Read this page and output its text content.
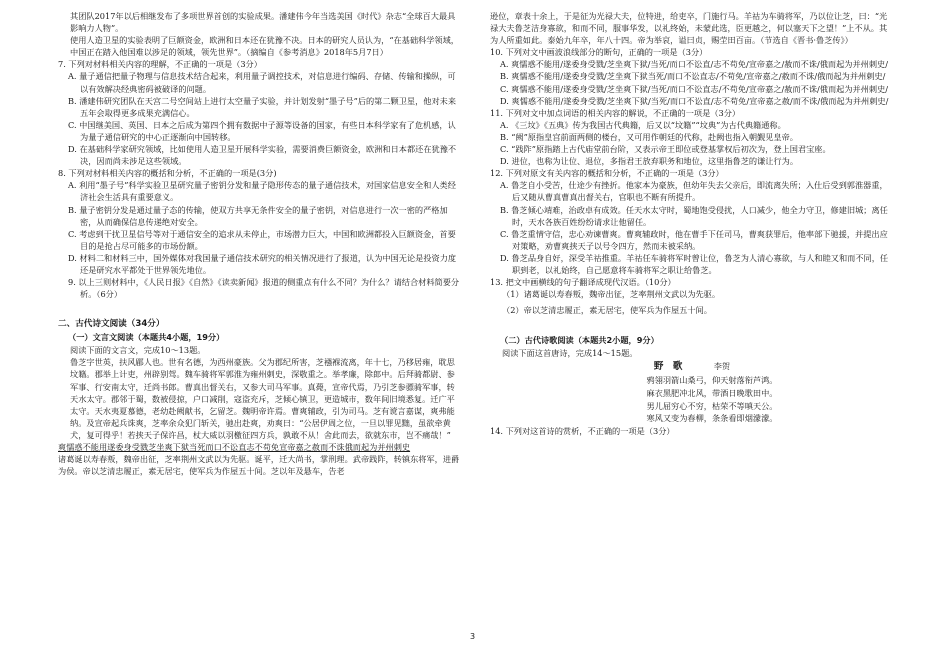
其团队2017年以后相继发布了多项世界首创的实验成果。潘建伟今年当选美国《时代》杂志“全球百大最具影响力人物”。

使用人造卫星的实验表明了巨额资金，欧洲和日本还在犹豫不决。日本的研究人员认为，“在基础科学领域，中国正在踏入他国难以涉足的领域，领先世界”。（摘编自《参考消息》2018年5月7日）

7. 下列对材料相关内容的理解，不正确的一项是（3分）

A. 量子通信把量子物理与信息技术结合起来，利用量子调控技术，对信息进行编码、存储、传输和操纵，可以有效解决经典密码被破译的问题。

B. 潘建伟研究团队在天宫二号空间站上进行太空量子实验，并计划发射“墨子号”后的第二颗卫星，他对未来五年会取得更多成果充满信心。

C. 中国继美国、英国、日本之后成为第四个拥有数据中子源等设备的国家，有些日本科学家有了危机感，认为量子通信研究的中心正逐渐向中国转移。

D. 在基础科学家研究领域，比如使用人造卫星开展科学实验，需要消费巨额资金，欧洲和日本都还在犹豫不决，因而尚未涉足这些领域。

8. 下列对材料相关内容的概括和分析，不正确的一项是(3分)

A. 利用“墨子号”科学实验卫星研究量子密钥分发和量子隐形传态的量子通信技术，对国家信息安全和人类经济社会生活具有重要意义。

B. 量子密钥分发是通过量子态的传输，使双方共享无条件安全的量子密钥，对信息进行一次一密的严格加密，从而确保信息传递绝对安全。

C. 考虑到干扰卫星信号等对于通信安全的追求从未停止，市场潜力巨大，中国和欧洲都投入巨额资金，首要目的是抢占尽可能多的市场份额。

D. 材料二和材料三中，国外媒体对我国量子通信技术研究的相关情况进行了报道，认为中国无论是投资力度还是研究水平都处于世界领先地位。

9. 以上三则材料中，《人民日报》《自然》《读卖新闻》报道的侧重点有什么不同？为什么？请结合材料简要分析。（6分）

二、古代诗文阅读（34分）

（一）文言文阅读（本题共4小题，19分）

阅读下面的文言文，完成10～13题。

鲁芝字世英，扶风郿人也。世有名德，为西州豪族。父为郡纪所害，芝襁褓流离，年十七，乃移居雍，耽思坟籍。郡举上计吏，州辟别驾。魏车骑将军郭淮为雍州刺史，深敬重之。举孝廉，除郎中。后拜骑都尉、参军事、行安南太守，迁尚书郎。曹真出督关右，又参大司马军事。真薨，宣帝代焉，乃引芝参骠骑军事，转天水太守。郡邻于蜀，数被侵掠，户口减削，寇盗充斥，芝倾心镇卫，更造城市，数年间旧境悉复。迁广平太守。天水夷夏慕德，老幼赴阙献书，乞留芝。魏明帝许焉。曹爽辅政，引为司马。芝有谠言嘉谋，爽弗能纳。及宣帝起兵诛爽，芝率余众犯门斩关，驰出赴爽，劝爽曰：“公居伊周之位，一旦以罪见黜，虽欲牵黄犬，复可得乎！若挟天子保许昌，杖大威以羽檄征四方兵，孰敢不从！舍此而去，欲就东市，岂不痛哉！”

爽懦惑不能用遂委身受戮芝坐爽下狱当死而口不讼直志不苟免宣帝嘉之赦而不诛俄而起为并州刺史

诸葛诞以寿春叛，魏帝出征，芝率荆州文武以为先驱。诞平，迁大尚书，掌刑理。武帝践阼，转镇东将军，进爵为侯。帝以芝清忠履正，素无居宅，使军兵为作屋五十间。芝以年及悬车，告老

逊位，章表十余上，于是征为光禄大夫，位特进，给吏卒，门施行马。羊祜为车骑将军，乃以位让芝，曰：“光禄大夫鲁芝洁身寡欲，和而不同，服事华发，以礼终始，未蒙此选，臣更越之，何以塞天下之望！”上不从。其为人所重如此。泰始九年卒，年八十四。帝为举哀，谥曰贞，赐茔田百亩。（节选自《晋书·鲁芝传》）

10. 下列对文中画波浪线部分的断句，正确的一项是（3分）

A. 爽懦惑不能用/遂委身受戮/芝坐爽下狱/当死/而口不讼直/志不苟免/宣帝嘉之/赦而不诛/俄而起为并州刺史/

B. 爽懦惑不能用/遂委身受戮/芝坐爽下狱当死/而口不讼直志/不苟免/宣帝嘉之/赦而不诛/俄而起为并州刺史/

C. 爽懦惑不能用/遂委身受戮/芝坐爽下狱/当死/而口不讼直志/不苟免/宣帝嘉之/赦而不诛/俄而起为并州刺史/

D. 爽懦惑不能用/遂委身受戮/芝坐爽下狱/当死/而口不讼直/志不苟免/宣帝嘉之赦/而不诛/俄而起为并州刺史/

11. 下列对文中加点词语的相关内容的解说，不正确的一项是（3分）

A. 《三坟》《五典》传为我国古代典籍，后又以“坟籍”“坟典”为古代典籍通称。

B. “阙”原指皇宫前面两侧的楼台，又可用作朝廷的代称，赴阙也指入朝觐见皇帝。

C. “践阼”原指踏上古代庙堂前台阶，又表示帝王即位或登基掌权后初次为，登上国君宝座。

D. 进位，也称为让位、退位，多指君王放弃职务和地位，这里指鲁芝的谦让行为。

12. 下列对原文有关内容的概括和分析，不正确的一项是（3分）

A. 鲁芝自小受苦，仕途少有挫折。他家本为豪族，但幼年失去父亲后，即流离失所；入仕后受到郭淮器重，后又随从曹真曹真出督关右，官职也不断有所提升。

B. 鲁芝倾心靖难，治政卓有成效。任天水太守时，蜀地饱受侵扰，人口减少，他全力守卫，修建旧城；离任时，天水各族百姓纷纷请求让他留任。

C. 鲁芝重情守信，忠心劝谏曹爽。曹爽辅政时，他在曹手下任司马，曹爽获罪后，他率部下驰援，并提出应对策略，劝曹爽挟天子以号令四方，然而未被采纳。

D. 鲁芝品身自好，深受羊祜推重。羊祜任车骑将军时曾让位，鲁芝为人清心寡欲，与人和睦又和而不同，任职到老，以礼始终，自己愿意将车骑将军之职让给鲁芝。

13. 把文中画横线的句子翻译成现代汉语。（10分）

（1）诸葛诞以寿春叛，魏帝出征，芝率荆州文武以为先驱。

（2）帝以芝清忠履正，素无居宅，使军兵为作屋五十间。

（二）古代诗歌阅读（本题共2小题，9分）

阅读下面这首唐诗，完成14～15题。

野　歌	李贺

鸦翎羽箭山桑弓，仰天射落衔芦鸿。

麻衣黑肥冲北风，带酒日晚歌田中。

男儿屈穷心不穷，枯荣不等嗔天公。

寒风又变为春柳，条条看即烟濛濛。

14. 下列对这首诗的赏析，不正确的一项是（3分）

3
